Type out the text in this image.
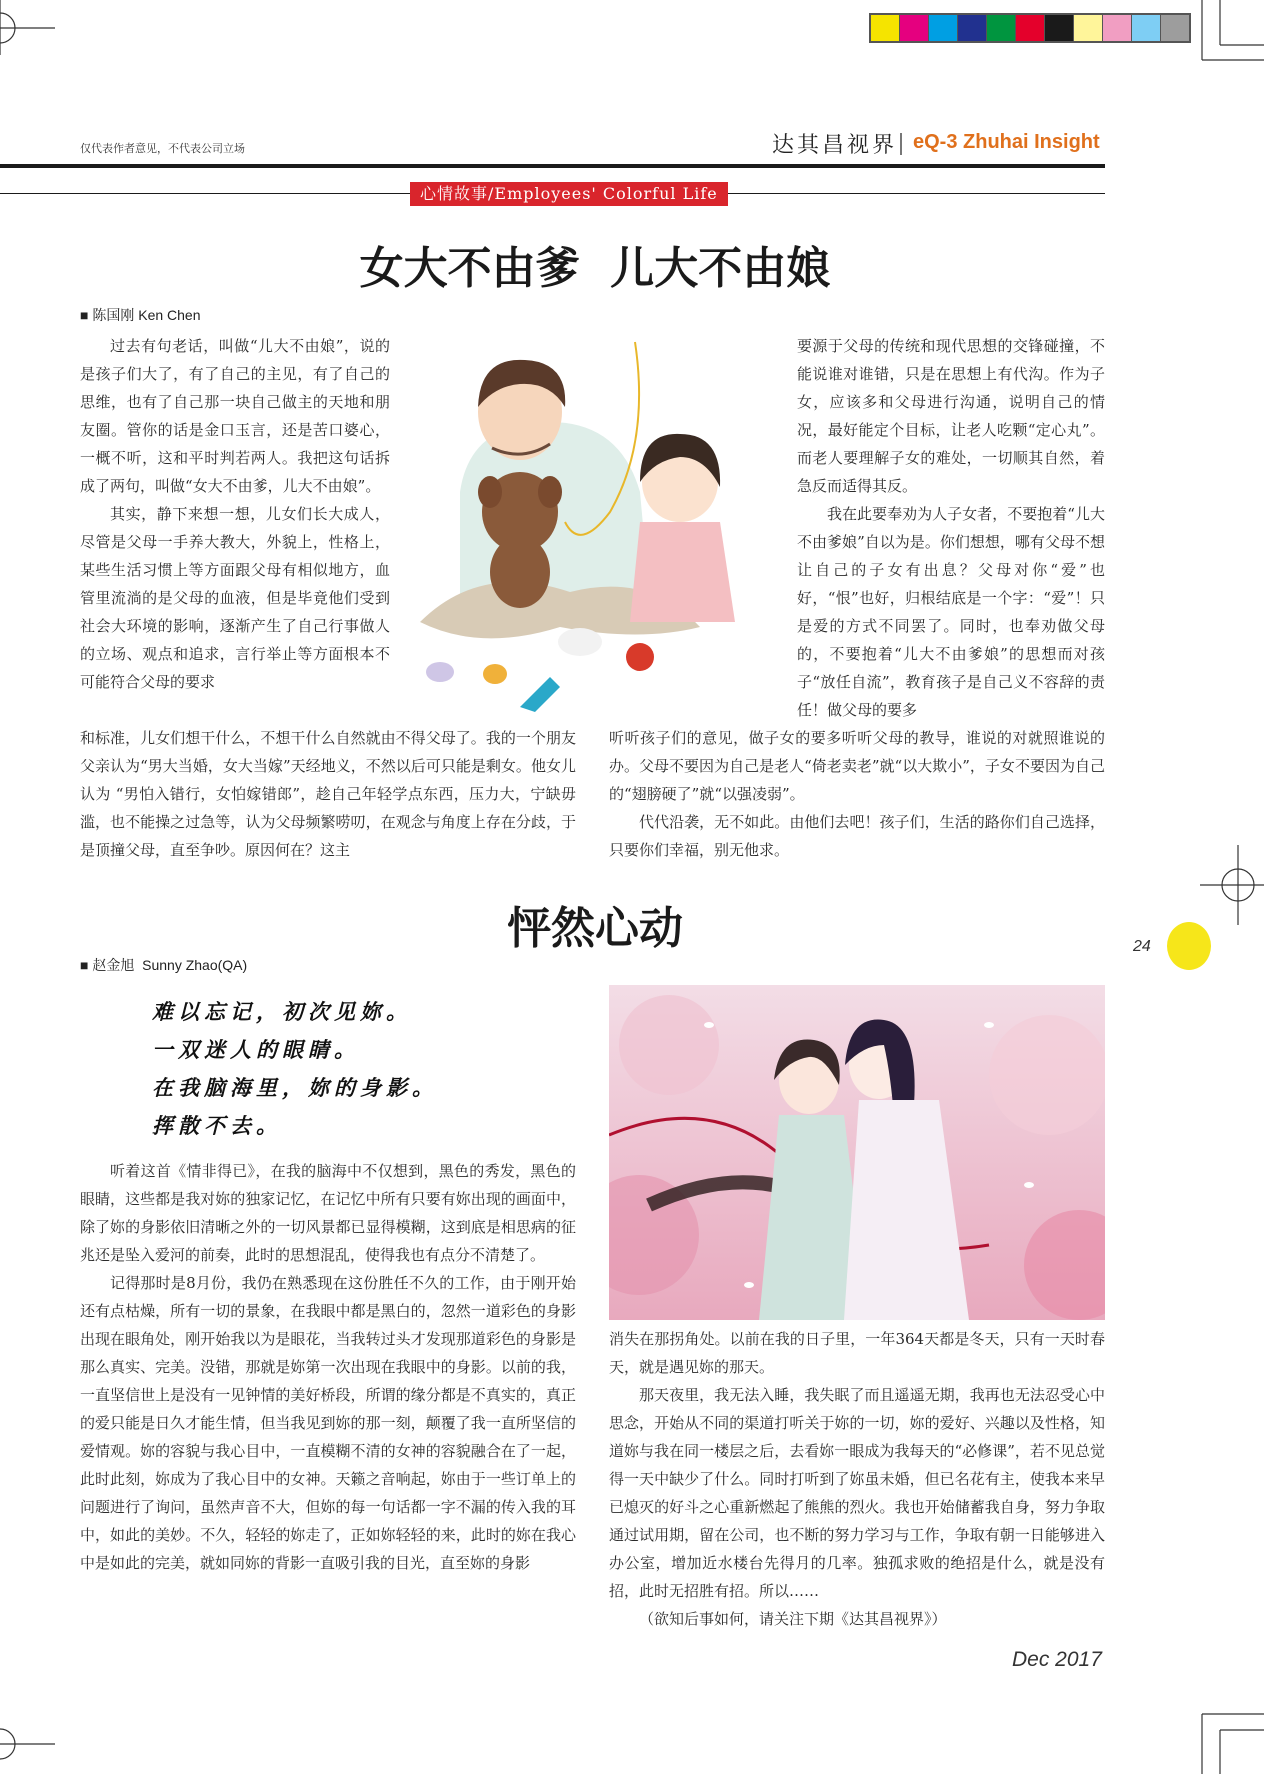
仅代表作者意见，不代表公司立场	达其昌视界 eQ-3 Zhuhai Insight
心情故事/Employees' Colorful Life
女大不由爹  儿大不由娘
■ 陈国刚 Ken Chen

过去有句老话，叫做“儿大不由娘”，说的是孩子们大了，有了自己的主见，有了自己的思维，也有了自己那一块自己做主的天地和朋友圈。管你的话是金口玉言，还是苦口婆心，一概不听，这和平时判若两人。我把这句话拆成了两句，叫做“女大不由爹，儿大不由娘”。

其实，静下来想一想，儿女们长大成人，尽管是父母一手养大教大，外貌上，性格上，某些生活习惯上等方面跟父母有相似地方，血管里流淌的是父母的血液，但是毕竟他们受到社会大环境的影响，逐渐产生了自己行事做人的立场、观点和追求，言行举止等方面根本不可能符合父母的要求

要源于父母的传统和现代思想的交锋碰撞，不能说谁对谁错，只是在思想上有代沟。作为子女，应该多和父母进行沟通，说明自己的情况，最好能定个目标，让老人吃颗“定心丸”。而老人要理解子女的难处，一切顺其自然，着急反而适得其反。

我在此要奉劝为人子女者，不要抱着“儿大不由爹娘”自以为是。你们想想，哪有父母不想让自己的子女有出息？父母对你“爱”也好，“恨”也好，归根结底是一个字：“爱”！只是爱的方式不同罢了。同时，也奉劝做父母的，不要抱着“儿大不由爹娘”的思想而对孩子“放任自流”，教育孩子是自己义不容辞的责任！做父母的要多

和标准，儿女们想干什么，不想干什么自然就由不得父母了。我的一个朋友父亲认为“男大当婚，女大当嫁”天经地义，不然以后可只能是剩女。他女儿认为 “男怕入错行，女怕嫁错郎”，趁自己年轻学点东西，压力大，宁缺毋滥，也不能操之过急等，认为父母频繁唠叨，在观念与角度上存在分歧，于是顶撞父母，直至争吵。原因何在？这主

听听孩子们的意见，做子女的要多听听父母的教导，谁说的对就照谁说的办。父母不要因为自己是老人“倚老卖老”就“以大欺小”，子女不要因为自己的“翅膀硬了”就“以强凌弱”。

代代沿袭，无不如此。由他们去吧！孩子们，生活的路你们自己选择，只要你们幸福，别无他求。

怦然心动
■ 赵金旭  Sunny Zhao(QA)
24
难以忘记，初次见妳。
一双迷人的眼睛。
在我脑海里，妳的身影。
挥散不去。

听着这首《情非得已》，在我的脑海中不仅想到，黑色的秀发，黑色的眼睛，这些都是我对妳的独家记忆，在记忆中所有只要有妳出现的画面中，除了妳的身影依旧清晰之外的一切风景都已显得模糊，这到底是相思病的征兆还是坠入爱河的前奏，此时的思想混乱，使得我也有点分不清楚了。

记得那时是8月份，我仍在熟悉现在这份胜任不久的工作，由于刚开始还有点枯燥，所有一切的景象，在我眼中都是黑白的，忽然一道彩色的身影出现在眼角处，刚开始我以为是眼花，当我转过头才发现那道彩色的身影是那么真实、完美。没错，那就是妳第一次出现在我眼中的身影。以前的我，一直坚信世上是没有一见钟情的美好桥段，所谓的缘分都是不真实的，真正的爱只能是日久才能生情，但当我见到妳的那一刻，颠覆了我一直所坚信的爱情观。妳的容貌与我心目中，一直模糊不清的女神的容貌融合在了一起，此时此刻，妳成为了我心目中的女神。天籁之音响起，妳由于一些订单上的问题进行了询问，虽然声音不大，但妳的每一句话都一字不漏的传入我的耳中，如此的美妙。不久，轻轻的妳走了，正如妳轻轻的来，此时的妳在我心中是如此的完美，就如同妳的背影一直吸引我的目光，直至妳的身影

消失在那拐角处。以前在我的日子里，一年364天都是冬天，只有一天时春天，就是遇见妳的那天。

那天夜里，我无法入睡，我失眠了而且遥遥无期，我再也无法忍受心中思念，开始从不同的渠道打听关于妳的一切，妳的爱好、兴趣以及性格，知道妳与我在同一楼层之后，去看妳一眼成为我每天的“必修课”，若不见总觉得一天中缺少了什么。同时打听到了妳虽未婚，但已名花有主，使我本来早已熄灭的好斗之心重新燃起了熊熊的烈火。我也开始储蓄我自身，努力争取通过试用期，留在公司，也不断的努力学习与工作，争取有朝一日能够进入办公室，增加近水楼台先得月的几率。独孤求败的绝招是什么，就是没有招，此时无招胜有招。所以……

（欲知后事如何，请关注下期《达其昌视界》）

Dec 2017
